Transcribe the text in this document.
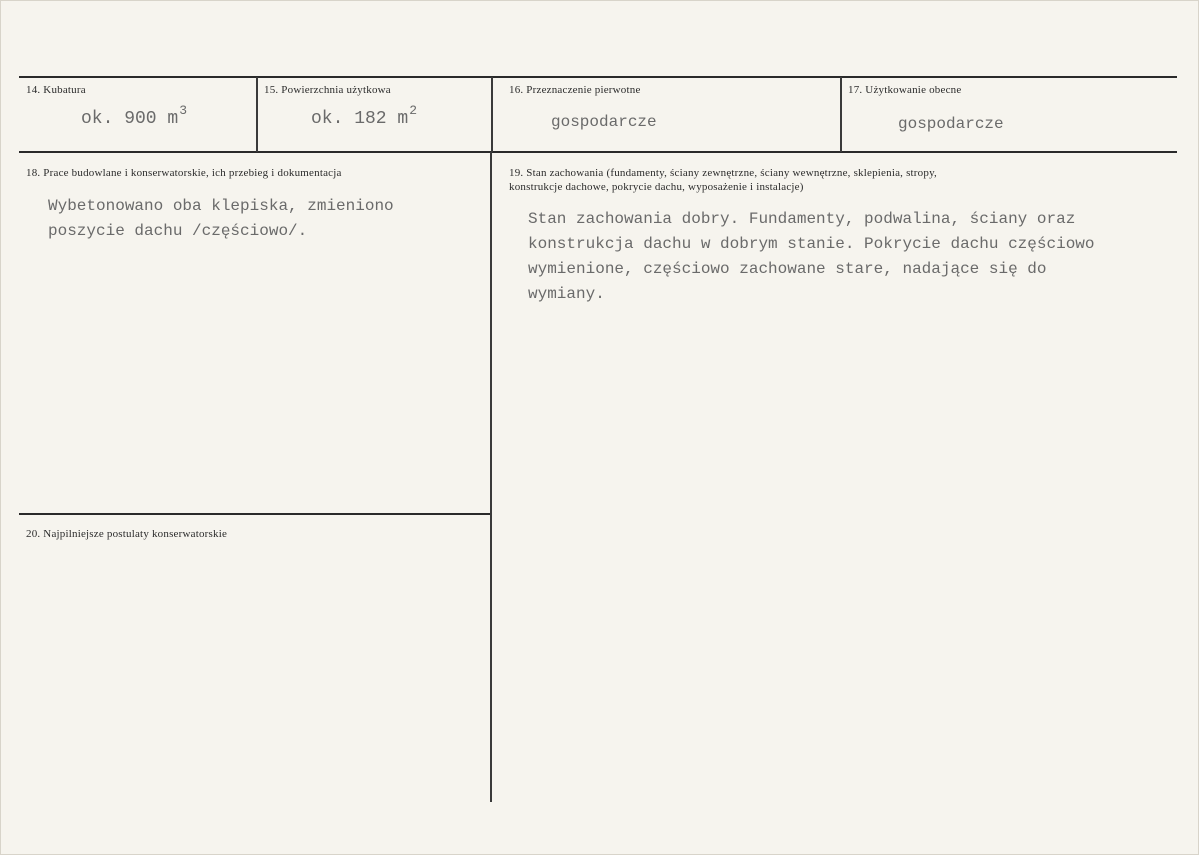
14. Kubatura
ok. 900 $m^3$
15. Powierzchnia użytkowa
ok. 182 $m^2$
16. Przeznaczenie pierwotne
gospodarcze
17. Użytkowanie obecne
gospodarcze
18. Prace budowlane i konserwatorskie, ich przebieg i dokumentacja
Wybetonowano oba klepiska, zmieniono
poszycie dachu /częściowo/.
19. Stan zachowania (fundamenty, ściany zewnętrzne, ściany wewnętrzne, sklepienia, stropy,
konstrukcje dachowe, pokrycie dachu, wyposażenie i instalacje)
Stan zachowania dobry. Fundamenty, podwalina, ściany oraz
konstrukcja dachu w dobrym stanie. Pokrycie dachu częściowo
wymienione, częściowo zachowane stare, nadające się do
wymiany.
20. Najpilniejsze postulaty konserwatorskie
